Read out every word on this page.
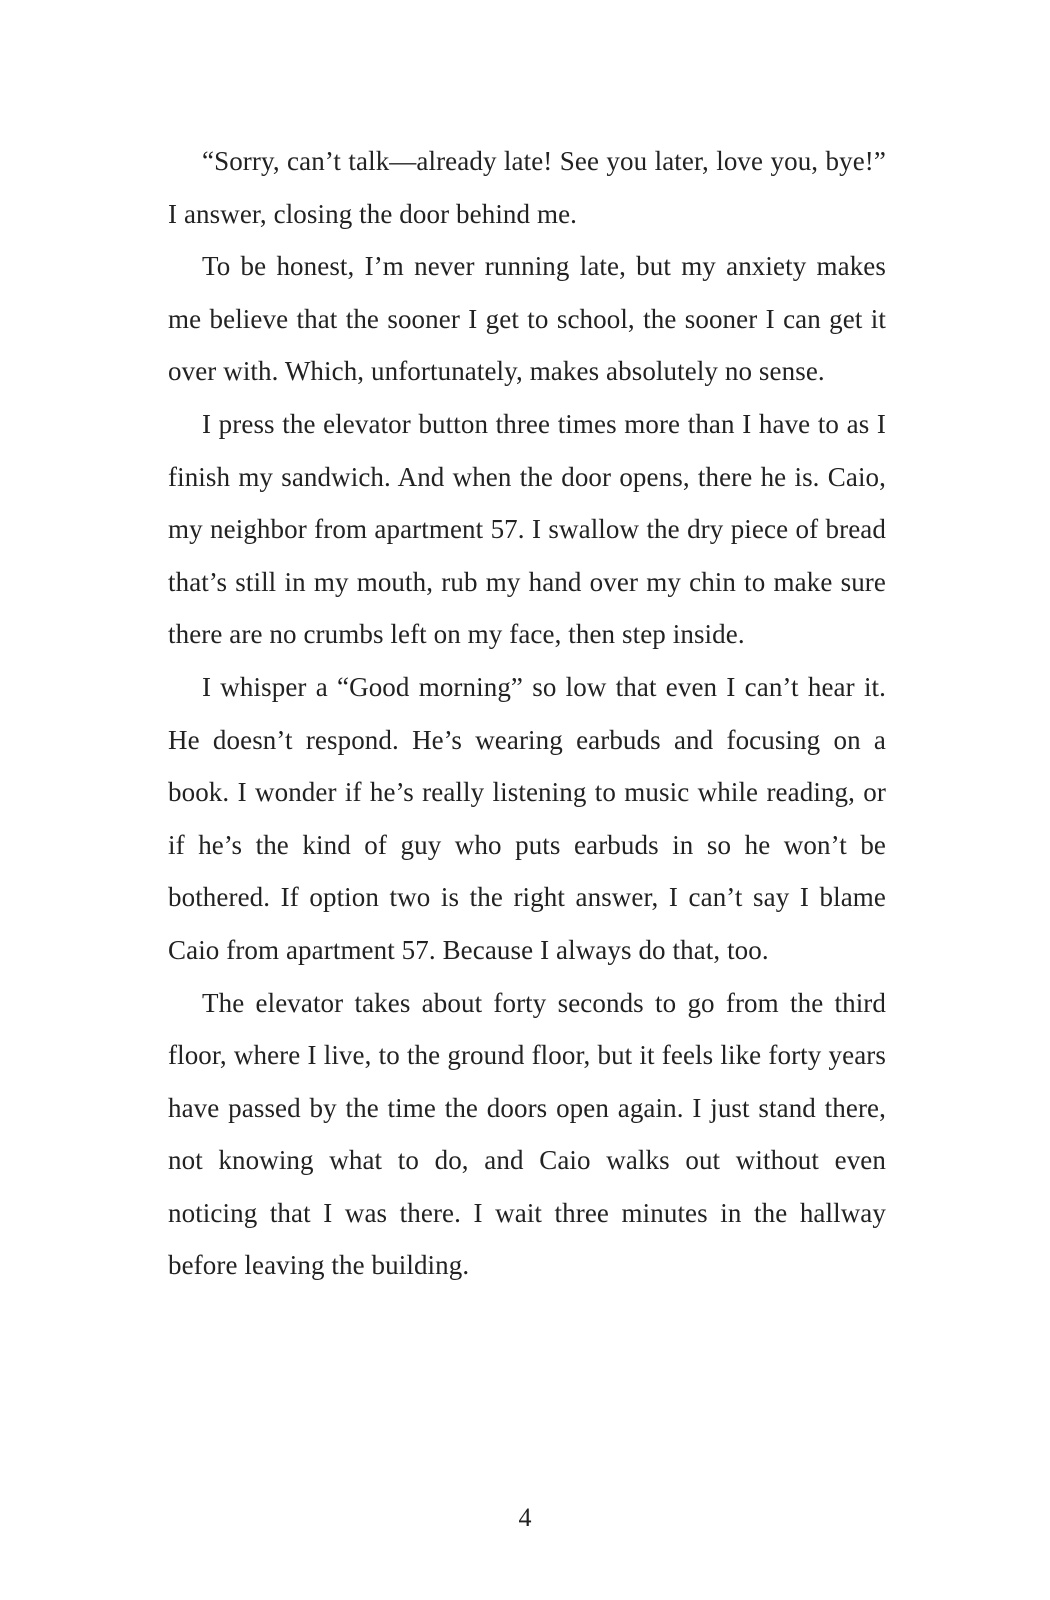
“Sorry, can’t talk—already late! See you later, love you, bye!” I answer, closing the door behind me.

To be honest, I’m never running late, but my anxiety makes me believe that the sooner I get to school, the sooner I can get it over with. Which, unfortunately, makes absolutely no sense.

I press the elevator button three times more than I have to as I finish my sandwich. And when the door opens, there he is. Caio, my neighbor from apartment 57. I swallow the dry piece of bread that’s still in my mouth, rub my hand over my chin to make sure there are no crumbs left on my face, then step inside.

I whisper a “Good morning” so low that even I can’t hear it. He doesn’t respond. He’s wearing earbuds and focusing on a book. I wonder if he’s really listening to music while reading, or if he’s the kind of guy who puts earbuds in so he won’t be bothered. If option two is the right answer, I can’t say I blame Caio from apartment 57. Because I always do that, too.

The elevator takes about forty seconds to go from the third floor, where I live, to the ground floor, but it feels like forty years have passed by the time the doors open again. I just stand there, not knowing what to do, and Caio walks out without even noticing that I was there. I wait three minutes in the hallway before leaving the building.

4
